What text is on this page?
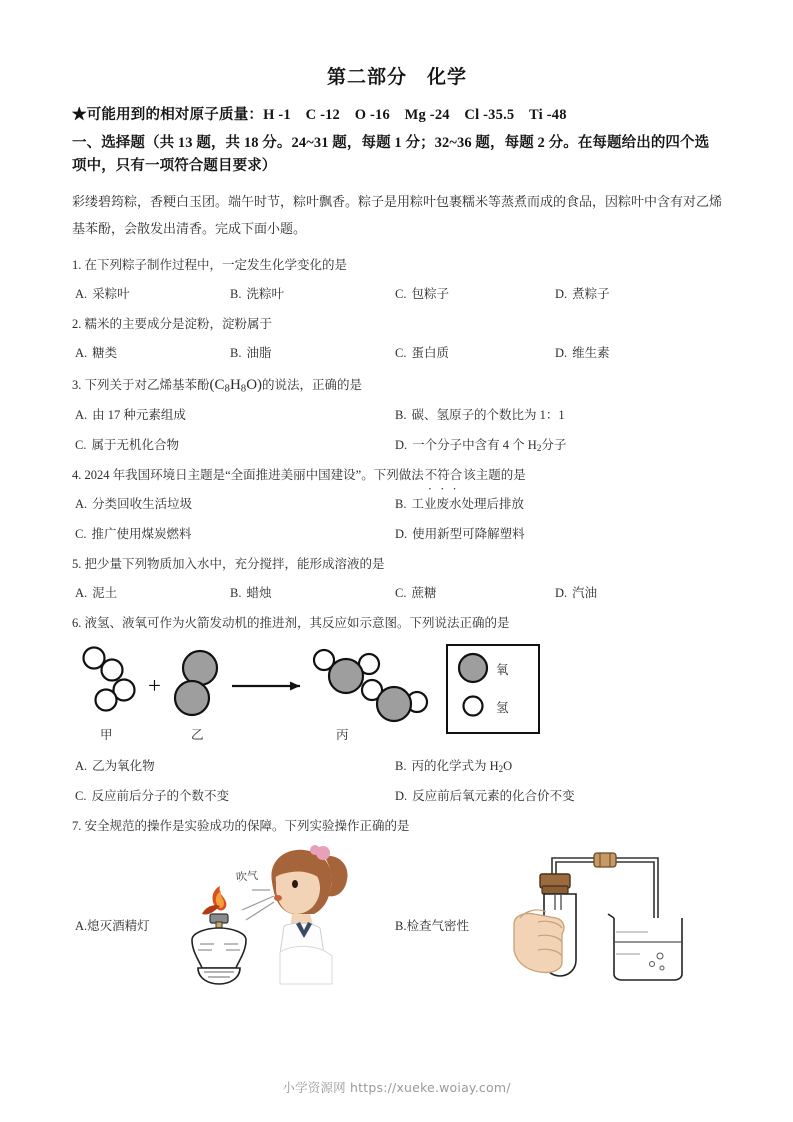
第二部分　化学
★可能用到的相对原子质量：H -1　C -12　O -16　Mg -24　Cl -35.5　Ti -48
一、选择题（共 13 题，共 18 分。24~31 题，每题 1 分；32~36 题，每题 2 分。在每题给出的四个选项中，只有一项符合题目要求）
彩缕碧筠粽，香粳白玉团。端午时节，粽叶飘香。粽子是用粽叶包裹糯米等蒸煮而成的食品，因粽叶中含有对乙烯基苯酚，会散发出清香。完成下面小题。
1. 在下列粽子制作过程中，一定发生化学变化的是
A. 采粽叶	B. 洗粽叶	C. 包粽子	D. 煮粽子
2. 糯米的主要成分是淀粉，淀粉属于
A. 糖类	B. 油脂	C. 蛋白质	D. 维生素
3. 下列关于对乙烯基苯酚$(C_8H_8O)$的说法，正确的是
A. 由 17 种元素组成	B. 碳、氢原子的个数比为 1：1
C. 属于无机化合物	D. 一个分子中含有 4 个 $H_2$分子
4. 2024 年我国环境日主题是“全面推进美丽中国建设”。下列做法不符合 ···该主题的是
A. 分类回收生活垃圾	B. 工业废水处理后排放
C. 推广使用煤炭燃料	D. 使用新型可降解塑料
5. 把少量下列物质加入水中，充分搅拌，能形成溶液的是
A. 泥土	B. 蜡烛	C. 蔗糖	D. 汽油
6. 液氢、液氧可作为火箭发动机的推进剂，其反应如示意图。下列说法正确的是
+
甲	乙	丙
氧
氢
A. 乙为氧化物	B. 丙的化学式为 $H_2O$
C. 反应前后分子的个数不变	D. 反应前后氧元素的化合价不变
7. 安全规范的操作是实验成功的保障。下列实验操作正确的是
A.熄灭酒精灯
吹气
B.检查气密性
小学资源网 https://xueke.woiay.com/
